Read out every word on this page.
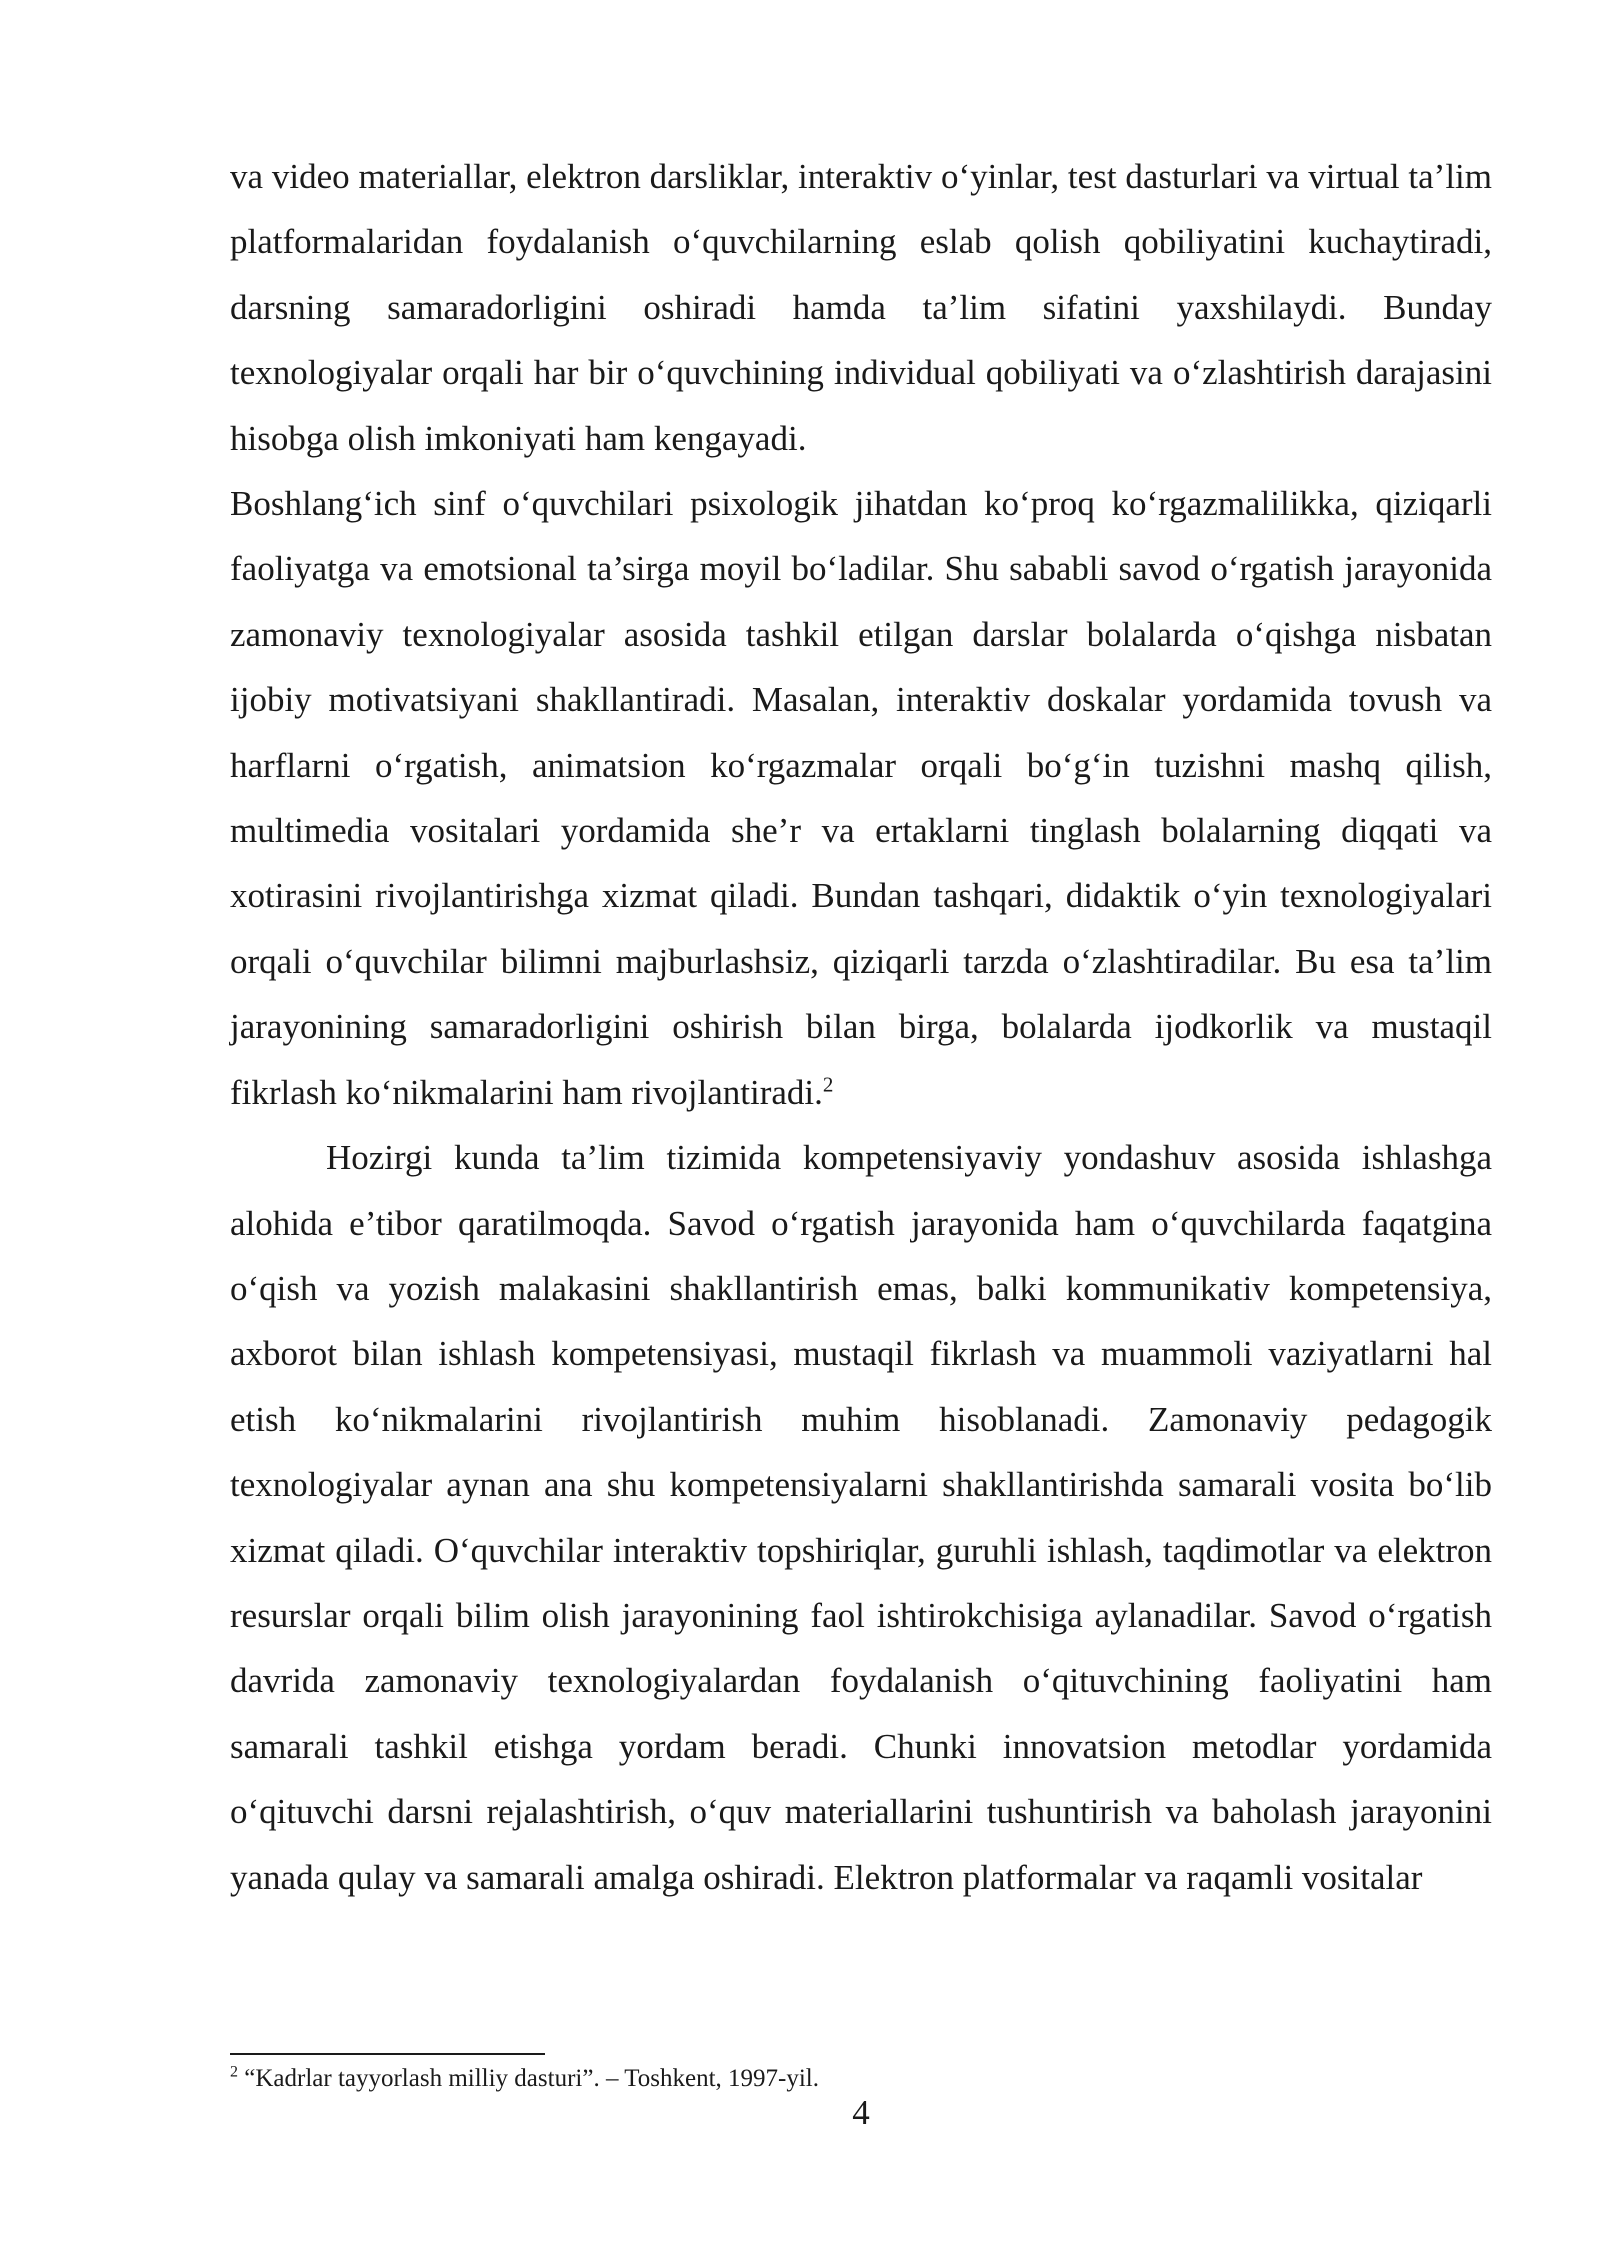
va video materiallar, elektron darsliklar, interaktiv o‘yinlar, test dasturlari va virtual ta’lim platformalaridan foydalanish o‘quvchilarning eslab qolish qobiliyatini kuchaytiradi, darsning samaradorligini oshiradi hamda ta’lim sifatini yaxshilaydi. Bunday texnologiyalar orqali har bir o‘quvchining individual qobiliyati va o‘zlashtirish darajasini hisobga olish imkoniyati ham kengayadi.

Boshlang‘ich sinf o‘quvchilari psixologik jihatdan ko‘proq ko‘rgazmalilikka, qiziqarli faoliyatga va emotsional ta’sirga moyil bo‘ladilar. Shu sababli savod o‘rgatish jarayonida zamonaviy texnologiyalar asosida tashkil etilgan darslar bolalarda o‘qishga nisbatan ijobiy motivatsiyani shakllantiradi. Masalan, interaktiv doskalar yordamida tovush va harflarni o‘rgatish, animatsion ko‘rgazmalar orqali bo‘g‘in tuzishni mashq qilish, multimedia vositalari yordamida she’r va ertaklarni tinglash bolalarning diqqati va xotirasini rivojlantirishga xizmat qiladi. Bundan tashqari, didaktik o‘yin texnologiyalari orqali o‘quvchilar bilimni majburlashsiz, qiziqarli tarzda o‘zlashtiradilar. Bu esa ta’lim jarayonining samaradorligini oshirish bilan birga, bolalarda ijodkorlik va mustaqil fikrlash ko‘nikmalarini ham rivojlantiradi.$^2$

Hozirgi kunda ta’lim tizimida kompetensiyaviy yondashuv asosida ishlashga alohida e’tibor qaratilmoqda. Savod o‘rgatish jarayonida ham o‘quvchilarda faqatgina o‘qish va yozish malakasini shakllantirish emas, balki kommunikativ kompetensiya, axborot bilan ishlash kompetensiyasi, mustaqil fikrlash va muammoli vaziyatlarni hal etish ko‘nikmalarini rivojlantirish muhim hisoblanadi. Zamonaviy pedagogik texnologiyalar aynan ana shu kompetensiyalarni shakllantirishda samarali vosita bo‘lib xizmat qiladi. O‘quvchilar interaktiv topshiriqlar, guruhli ishlash, taqdimotlar va elektron resurslar orqali bilim olish jarayonining faol ishtirokchisiga aylanadilar. Savod o‘rgatish davrida zamonaviy texnologiyalardan foydalanish o‘qituvchining faoliyatini ham samarali tashkil etishga yordam beradi. Chunki innovatsion metodlar yordamida o‘qituvchi darsni rejalashtirish, o‘quv materiallarini tushuntirish va baholash jarayonini yanada qulay va samarali amalga oshiradi. Elektron platformalar va raqamli vositalar

$^2$ “Kadrlar tayyorlash milliy dasturi”. – Toshkent, 1997-yil.
4
